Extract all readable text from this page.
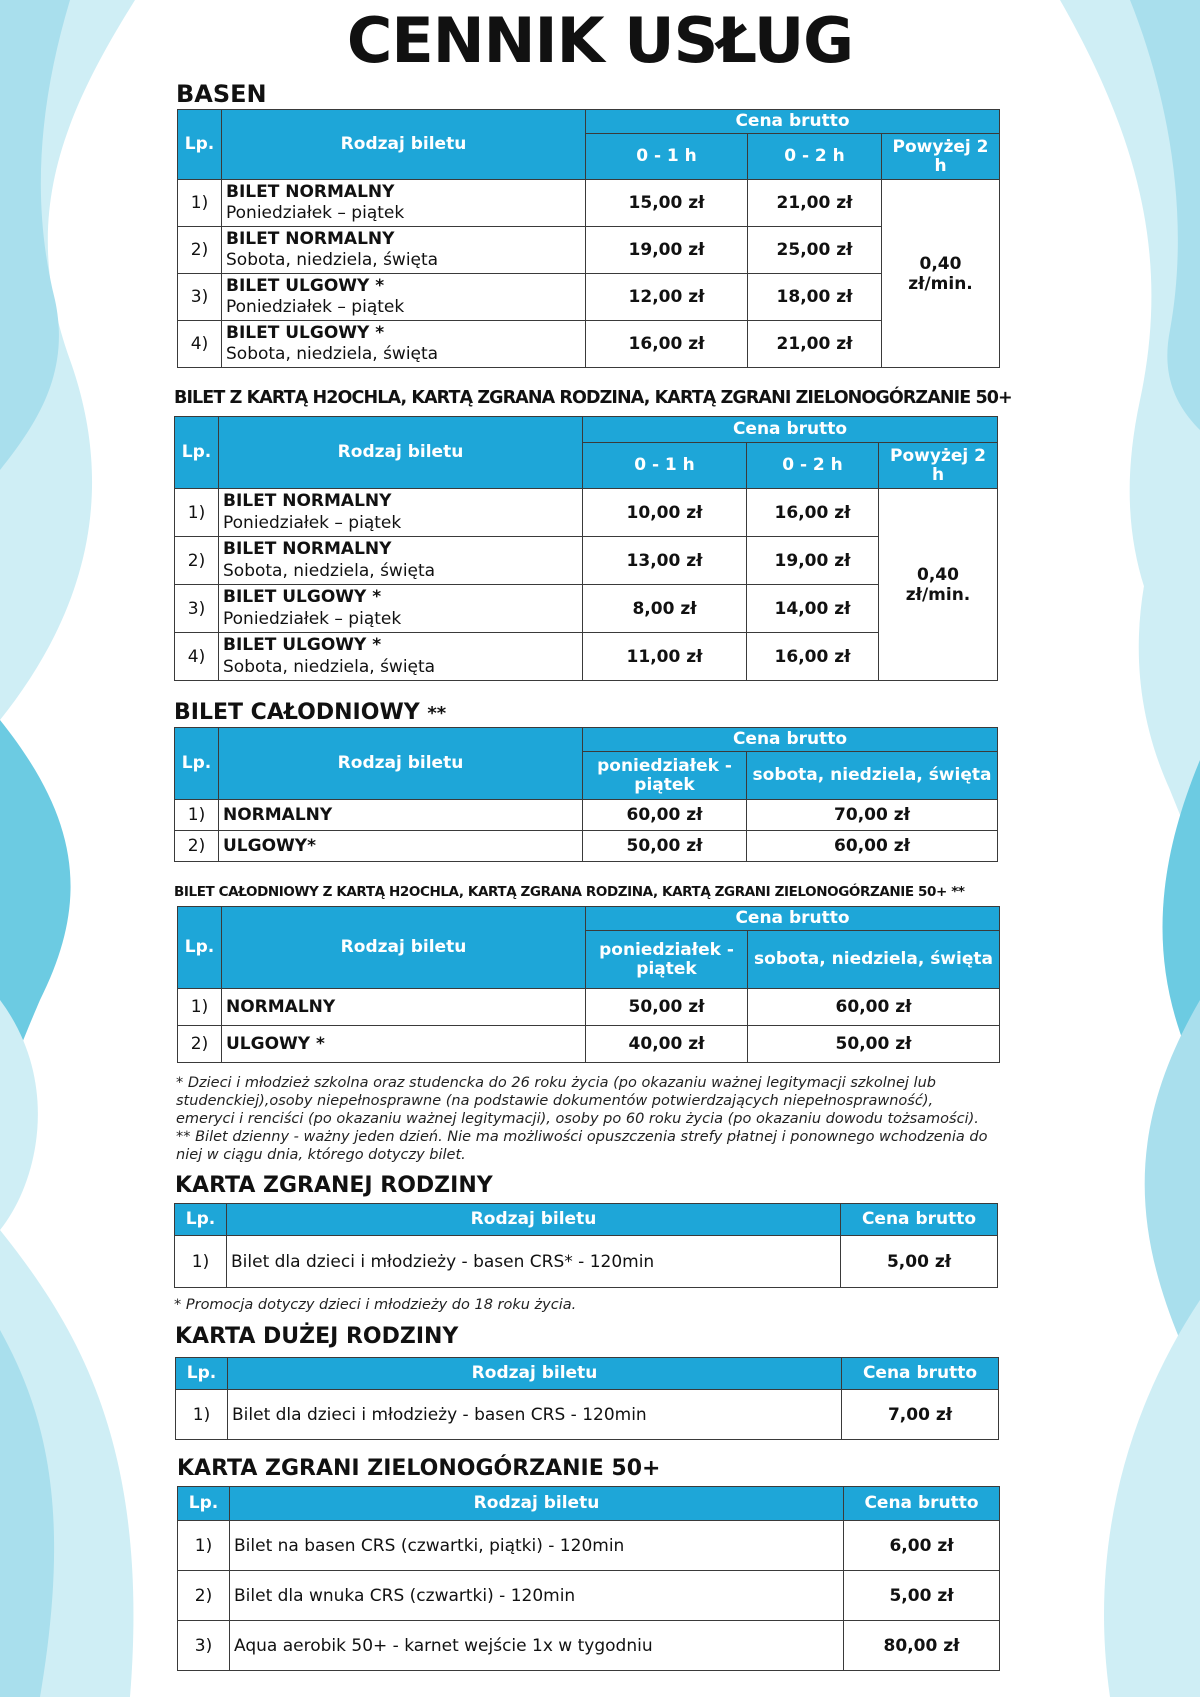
CENNIK USŁUG
BASEN
Lp.	Rodzaj biletu	Cena brutto		
		0 - 1 h	0 - 2 h	Powyżej 2 h
1)	BILET NORMALNY
Poniedziałek – piątek	15,00 zł	21,00 zł	0,40 zł/min.
2)	BILET NORMALNY
Sobota, niedziela, święta	19,00 zł	25,00 zł	
3)	BILET ULGOWY *
Poniedziałek – piątek	12,00 zł	18,00 zł	
4)	BILET ULGOWY *
Sobota, niedziela, święta	16,00 zł	21,00 zł	
BILET Z KARTĄ H2OCHLA, KARTĄ ZGRANA RODZINA, KARTĄ ZGRANI ZIELONOGÓRZANIE 50+
Lp.	Rodzaj biletu	Cena brutto		
		0 - 1 h	0 - 2 h	Powyżej 2 h
1)	BILET NORMALNY
Poniedziałek – piątek	10,00 zł	16,00 zł	0,40 zł/min.
2)	BILET NORMALNY
Sobota, niedziela, święta	13,00 zł	19,00 zł	
3)	BILET ULGOWY *
Poniedziałek – piątek	8,00 zł	14,00 zł	
4)	BILET ULGOWY *
Sobota, niedziela, święta	11,00 zł	16,00 zł	
BILET CAŁODNIOWY **
Lp.	Rodzaj biletu	Cena brutto	
		poniedziałek - piątek	sobota, niedziela, święta
1)	NORMALNY	60,00 zł	70,00 zł
2)	ULGOWY*	50,00 zł	60,00 zł
BILET CAŁODNIOWY Z KARTĄ H2OCHLA, KARTĄ ZGRANA RODZINA, KARTĄ ZGRANI ZIELONOGÓRZANIE 50+ **
Lp.	Rodzaj biletu	Cena brutto	
		poniedziałek - piątek	sobota, niedziela, święta
1)	NORMALNY	50,00 zł	60,00 zł
2)	ULGOWY *	40,00 zł	50,00 zł
* Dzieci i młodzież szkolna oraz studencka do 26 roku życia (po okazaniu ważnej legitymacji szkolnej lub studenckiej),osoby niepełnosprawne (na podstawie dokumentów potwierdzających niepełnosprawność), emeryci i renciści (po okazaniu ważnej legitymacji), osoby po 60 roku życia (po okazaniu dowodu tożsamości).
** Bilet dzienny - ważny jeden dzień. Nie ma możliwości opuszczenia strefy płatnej i ponownego wchodzenia do niej w ciągu dnia, którego dotyczy bilet.
KARTA ZGRANEJ RODZINY
Lp.	Rodzaj biletu	Cena brutto
1)	Bilet dla dzieci i młodzieży - basen CRS* - 120min	5,00 zł
* Promocja dotyczy dzieci i młodzieży do 18 roku życia.
KARTA DUŻEJ RODZINY
Lp.	Rodzaj biletu	Cena brutto
1)	Bilet dla dzieci i młodzieży - basen CRS - 120min	7,00 zł
KARTA ZGRANI ZIELONOGÓRZANIE 50+
Lp.	Rodzaj biletu	Cena brutto
1)	Bilet na basen CRS (czwartki, piątki) - 120min	6,00 zł
2)	Bilet dla wnuka CRS (czwartki) - 120min	5,00 zł
3)	Aqua aerobik 50+ - karnet wejście 1x w tygodniu	80,00 zł
